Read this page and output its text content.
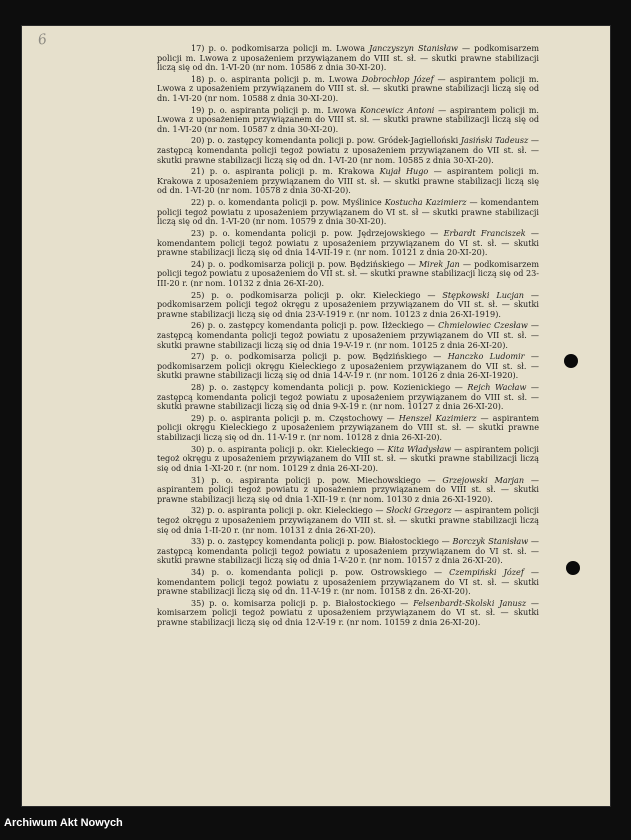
6	17) p. o. podkomisarza policji m. Lwowa Janczyszyn Stanisław — podkomisarzem policji m. Lwowa z uposażeniem przywiązanem do VIII st. sł. — skutki prawne stabilizacji liczą się od dn. 1-VI-20 (nr nom. 10586 z dnia 30-XI-20).

18) p. o. aspiranta policji p. m. Lwowa Dobrochłop Józef — aspirantem policji m. Lwowa z uposażeniem przywiązanem do VIII st. sł. — skutki prawne stabilizacji liczą się od dn. 1-VI-20 (nr nom. 10588 z dnia 30-XI-20).

19) p. o. aspiranta policji p. m. Lwowa Koncewicz Antoni — aspirantem policji m. Lwowa z uposażeniem przywiązanem do VIII st. sł. — skutki prawne stabilizacji liczą się od dn. 1-VI-20 (nr nom. 10587 z dnia 30-XI-20).

20) p. o. zastępcy komendanta policji p. pow. Gródek-Jagielloński Jasiński Tadeusz — zastępcą komendanta policji tegoż powiatu z uposażeniem przywiązanem do VII st. sł. — skutki prawne stabilizacji liczą się od dn. 1-VI-20 (nr nom. 10585 z dnia 30-XI-20).

21) p. o. aspiranta policji p. m. Krakowa Kujał Hugo — aspirantem policji m. Krakowa z uposażeniem przywiązanem do VIII st. sł. — skutki prawne stabilizacji liczą się od dn. 1-VI-20 (nr nom. 10578 z dnia 30-XI-20).

22) p. o. komendanta policji p. pow. Myślinice Kostucha Kazimierz — komendantem policji tegoż powiatu z uposażeniem przywiązanem do VI st. sł — skutki prawne stabilizacji liczą się od dn. 1-VI-20 (nr nom. 10579 z dnia 30-XI-20).

23) p. o. komendanta policji p. pow. Jędrzejowskiego — Erbardt Franciszek — komendantem policji tegoż powiatu z uposażeniem przywiązanem do VI st. sł. — skutki prawne stabilizacji liczą się od dnia 14-VII-19 r. (nr nom. 10121 z dnia 20-XI-20).

24) p. o. podkomisarza policji p. pow. Będzińskiego — Mirek Jan — podkomisarzem policji tegoż powiatu z uposażeniem do VII st. sł. — skutki prawne stabilizacji liczą się od 23-III-20 r. (nr nom. 10132 z dnia 26-XI-20).

25) p. o. podkomisarza policji p. okr. Kieleckiego — Stępkowski Lucjan — podkomisarzem policji tegoż okręgu z uposażeniem przywiązanem do VII st. sł. — skutki prawne stabilizacji liczą się od dnia 23-V-1919 r. (nr nom. 10123 z dnia 26-XI-1919).

26) p. o. zastępcy komendanta policji p. pow. Iłżeckiego — Chmielowiec Czesław — zastępcą komendanta policji tegoż powiatu z uposażeniem przywiązanem do VII st. sł. — skutki prawne stabilizacji liczą się od dnia 19-V-19 r. (nr nom. 10125 z dnia 26-XI-20).

27) p. o. podkomisarza policji p. pow. Będzińskiego — Hanczko Ludomir — podkomisarzem policji okręgu Kieleckiego z uposażeniem przywiązanem do VII st. sł. — skutki prawne stabilizacji liczą się od dnia 14-V-19 r. (nr nom. 10126 z dnia 26-XI-1920).

28) p. o. zastępcy komendanta policji p. pow. Kozienickiego — Rejch Wacław — zastępcą komendanta policji tegoż powiatu z uposażeniem przywiązanem do VIII st. sł. — skutki prawne stabilizacji liczą się od dnia 9-X-19 r. (nr nom. 10127 z dnia 26-XI-20).

29) p. o. aspiranta policji p. m. Częstochowy — Henszel Kazimierz — aspirantem policji okręgu Kieleckiego z uposażeniem przywiązanem do VIII st. sł. — skutki prawne stabilizacji liczą się od dn. 11-V-19 r. (nr nom. 10128 z dnia 26-XI-20).

30) p. o. aspiranta policji p. okr. Kieleckiego — Kita Władysław — aspirantem policji tegoż okręgu z uposażeniem przywiązanem do VIII st. sł. — skutki prawne stabilizacji liczą się od dnia 1-XI-20 r. (nr nom. 10129 z dnia 26-XI-20).

31) p. o. aspiranta policji p. pow. Miechowskiego — Grzejowski Marjan — aspirantem policji tegoż powiatu z uposażeniem przywiązanem do VIII st. sł. — skutki prawne stabilizacji liczą się od dnia 1-XII-19 r. (nr nom. 10130 z dnia 26-XI-1920).

32) p. o. aspiranta policji p. okr. Kieleckiego — Słocki Grzegorz — aspirantem policji tegoż okręgu z uposażeniem przywiązanem do VIII st. sł. — skutki prawne stabilizacji liczą się od dnia 1-II-20 r. (nr nom. 10131 z dnia 26-XI-20).

33) p. o. zastępcy komendanta policji p. pow. Białostockiego — Borczyk Stanisław — zastępcą komendanta policji tegoż powiatu z uposażeniem przywiązanem do VI st. sł. — skutki prawne stabilizacji liczą się od dnia 1-V-20 r. (nr nom. 10157 z dnia 26-XI-20).

34) p. o. komendanta policji p. pow. Ostrowskiego — Czempiński Józef — komendantem policji tegoż powiatu z uposażeniem przywiązanem do VI st. sł. — skutki prawne stabilizacji liczą się od dn. 11-V-19 r. (nr nom. 10158 z dn. 26-XI-20).

35) p. o. komisarza policji p. p. Białostockiego — Felsenbardt-Skolski Janusz — komisarzem policji tegoż powiatu z uposażeniem przywiązanem do VI st. sł. — skutki prawne stabilizacji liczą się od dnia 12-V-19 r. (nr nom. 10159 z dnia 26-XI-20).

Archiwum Akt Nowych
